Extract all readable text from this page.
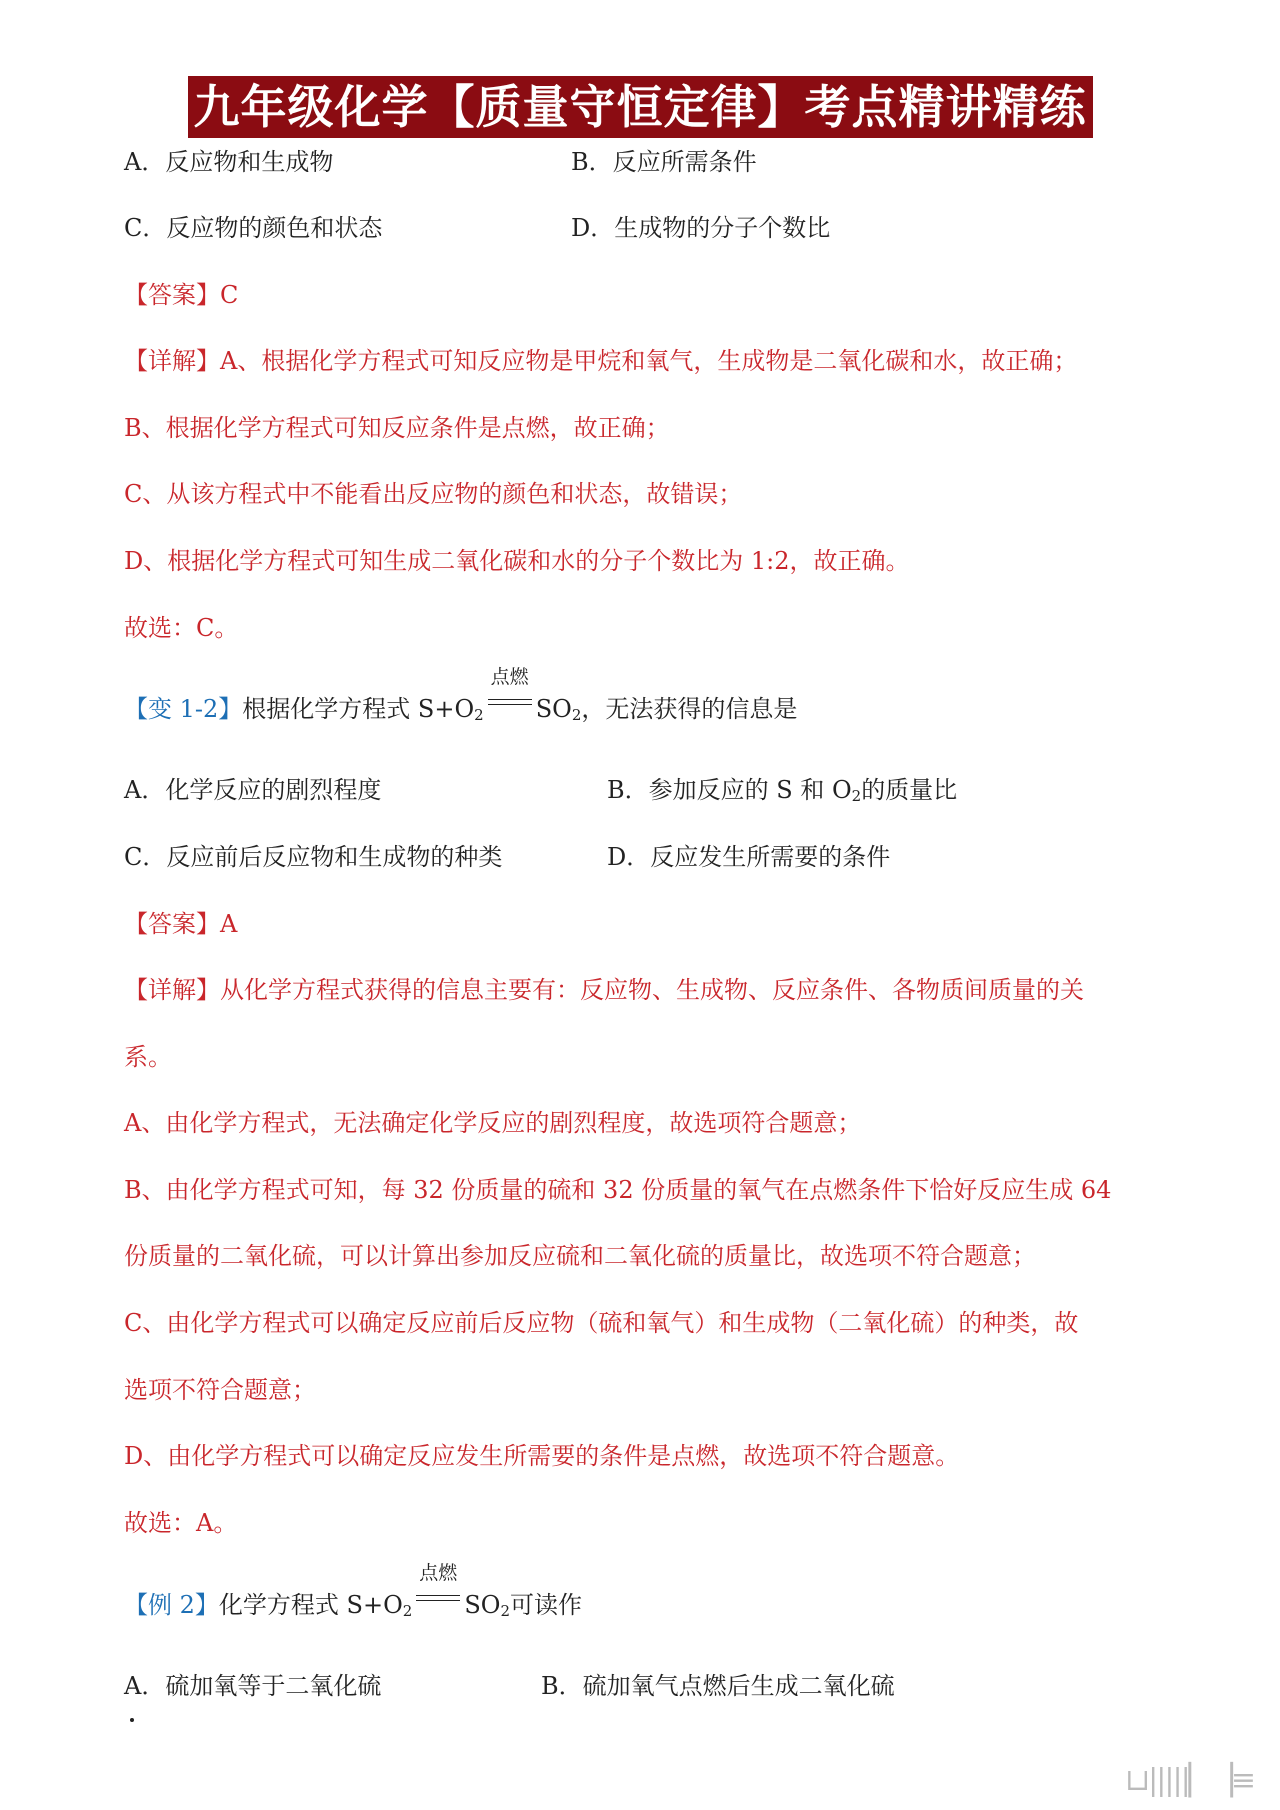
九年级化学【质量守恒定律】考点精讲精练
A．反应物和生成物	B．反应所需条件
C．反应物的颜色和状态	D．生成物的分子个数比
【答案】C
【详解】A、根据化学方程式可知反应物是甲烷和氧气，生成物是二氧化碳和水，故正确；
B、根据化学方程式可知反应条件是点燃，故正确；
C、从该方程式中不能看出反应物的颜色和状态，故错误；
D、根据化学方程式可知生成二氧化碳和水的分子个数比为 1:2，故正确。
故选：C。
【变 1-2】根据化学方程式 $S+O_2$
点燃
$SO_2$，无法获得的信息是
A．化学反应的剧烈程度	B．参加反应的 S 和 $O_2$的质量比
C．反应前后反应物和生成物的种类	D．反应发生所需要的条件
【答案】A
【详解】从化学方程式获得的信息主要有：反应物、生成物、反应条件、各物质间质量的关
系。
A、由化学方程式，无法确定化学反应的剧烈程度，故选项符合题意；
B、由化学方程式可知，每 32 份质量的硫和 32 份质量的氧气在点燃条件下恰好反应生成 64
份质量的二氧化硫，可以计算出参加反应硫和二氧化硫的质量比，故选项不符合题意；
C、由化学方程式可以确定反应前后反应物（硫和氧气）和生成物（二氧化硫）的种类，故
选项不符合题意；
D、由化学方程式可以确定反应发生所需要的条件是点燃，故选项不符合题意。
故选：A。
【例 2】化学方程式 $S+O_2$
点燃
$SO_2$可读作
A．硫加氧等于二氧化硫	B．硫加氧气点燃后生成二氧化硫
⊔|||||▏▕≡
